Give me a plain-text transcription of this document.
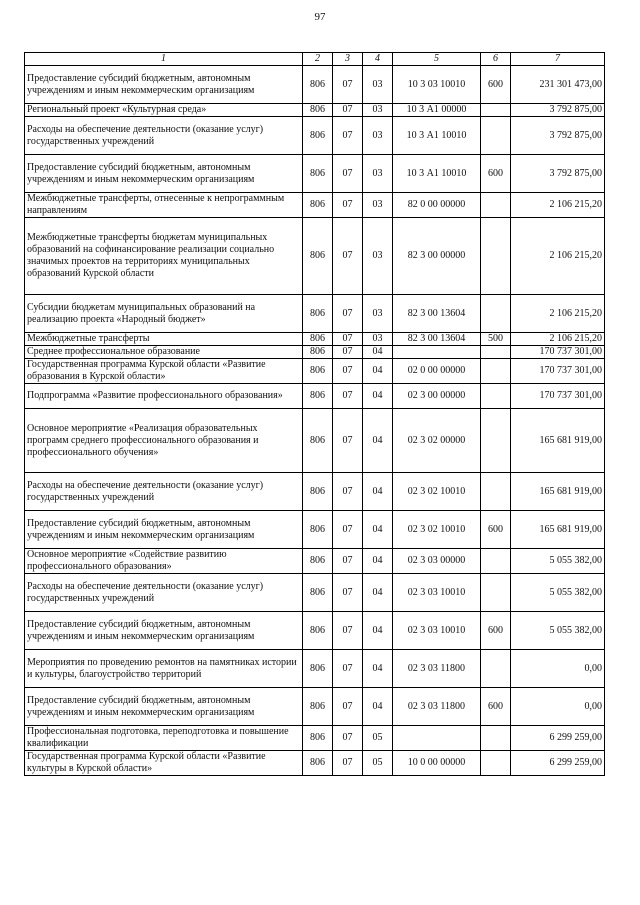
97
1	2	3	4	5	6	7
Предоставление субсидий бюджетным, автономным учреждениям и иным некоммерческим организациям	806	07	03	10 3 03 10010	600	231 301 473,00
Региональный проект «Культурная среда»	806	07	03	10 3 А1 00000		3 792 875,00
Расходы на обеспечение деятельности (оказание услуг) государственных учреждений	806	07	03	10 3 А1 10010		3 792 875,00
Предоставление субсидий бюджетным, автономным учреждениям и иным некоммерческим организациям	806	07	03	10 3 А1 10010	600	3 792 875,00
Межбюджетные трансферты, отнесенные к непрограммным направлениям	806	07	03	82 0 00 00000		2 106 215,20
Межбюджетные трансферты бюджетам муниципальных образований на софинансирование реализации социально значимых проектов на территориях муниципальных образований Курской области	806	07	03	82 3 00 00000		2 106 215,20
Субсидии бюджетам муниципальных образований на реализацию проекта «Народный бюджет»	806	07	03	82 3 00 13604		2 106 215,20
Межбюджетные трансферты	806	07	03	82 3 00 13604	500	2 106 215,20
Среднее профессиональное образование	806	07	04			170 737 301,00
Государственная программа Курской области «Развитие образования в Курской области»	806	07	04	02 0 00 00000		170 737 301,00
Подпрограмма «Развитие профессионального образования»	806	07	04	02 3 00 00000		170 737 301,00
Основное мероприятие «Реализация образовательных программ среднего профессионального образования и профессионального обучения»	806	07	04	02 3 02 00000		165 681 919,00
Расходы на обеспечение деятельности (оказание услуг) государственных учреждений	806	07	04	02 3 02 10010		165 681 919,00
Предоставление субсидий бюджетным, автономным учреждениям и иным некоммерческим организациям	806	07	04	02 3 02 10010	600	165 681 919,00
Основное мероприятие «Содействие развитию профессионального образования»	806	07	04	02 3 03 00000		5 055 382,00
Расходы на обеспечение деятельности (оказание услуг) государственных учреждений	806	07	04	02 3 03 10010		5 055 382,00
Предоставление субсидий бюджетным, автономным учреждениям и иным некоммерческим организациям	806	07	04	02 3 03 10010	600	5 055 382,00
Мероприятия по проведению ремонтов на памятниках истории и культуры, благоустройство территорий	806	07	04	02 3 03 11800		0,00
Предоставление субсидий бюджетным, автономным учреждениям и иным некоммерческим организациям	806	07	04	02 3 03 11800	600	0,00
Профессиональная подготовка, переподготовка и повышение квалификации	806	07	05			6 299 259,00
Государственная программа Курской области «Развитие культуры в Курской области»	806	07	05	10 0 00 00000		6 299 259,00
